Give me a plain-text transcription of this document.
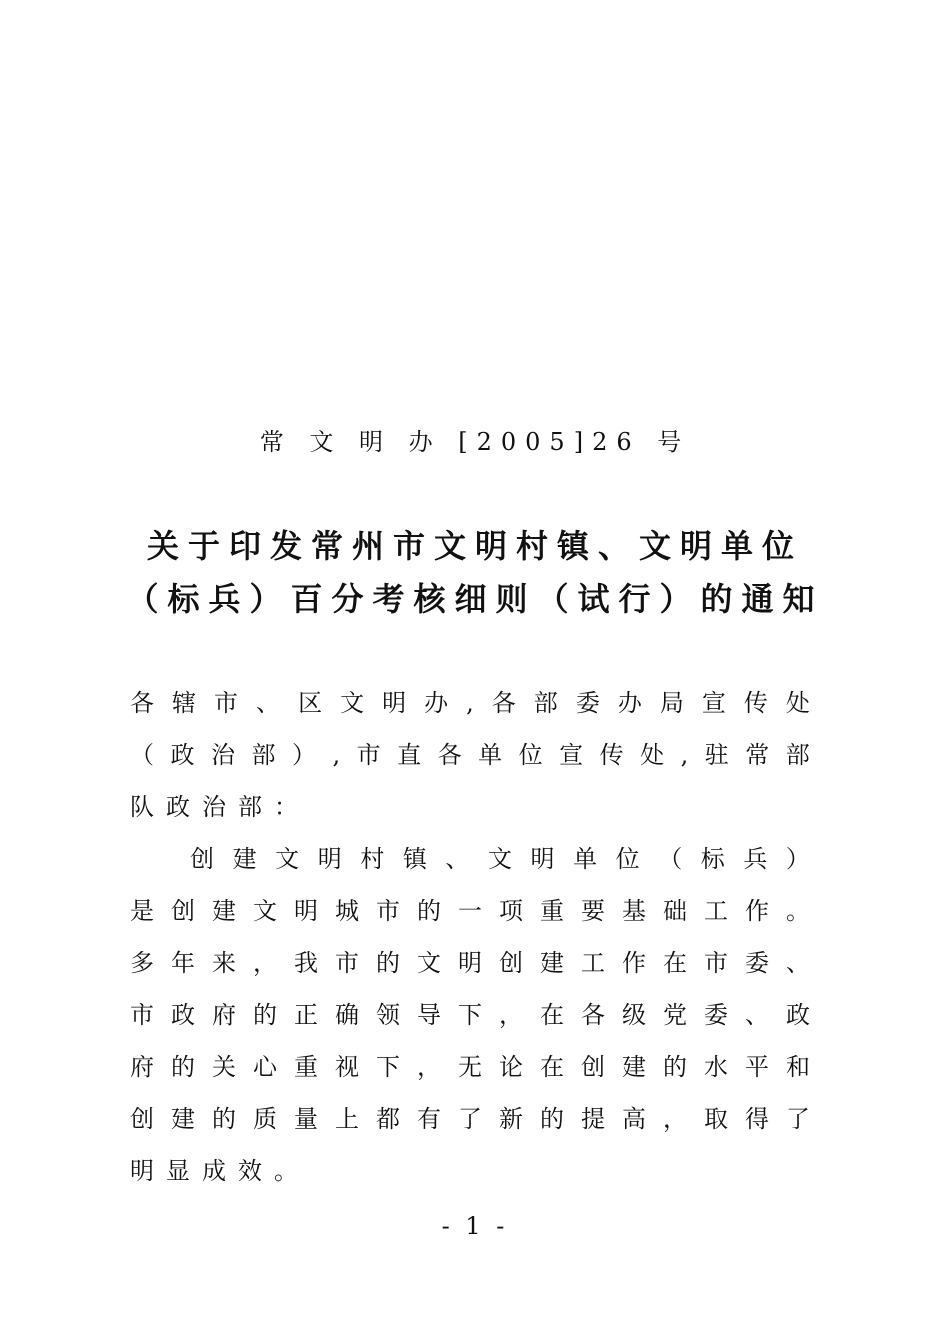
常 文 明 办 [2005]26 号
关于印发常州市文明村镇、文明单位
（标兵）百分考核细则（试行）的通知
各 辖 市 、 区 文 明 办 , 各 部 委 办 局 宣 传 处
（ 政 治 部 ） , 市 直 各 单 位 宣 传 处 , 驻 常 部
队 政 治 部 ：
创 建 文 明 村 镇 、 文 明 单 位 （ 标 兵 ）
是 创 建 文 明 城 市 的 一 项 重 要 基 础 工 作 。
多 年 来 ， 我 市 的 文 明 创 建 工 作 在 市 委 、
市 政 府 的 正 确 领 导 下 ， 在 各 级 党 委 、 政
府 的 关 心 重 视 下 ， 无 论 在 创 建 的 水 平 和
创 建 的 质 量 上 都 有 了 新 的 提 高 ， 取 得 了
明 显 成 效 。
- 1 -
